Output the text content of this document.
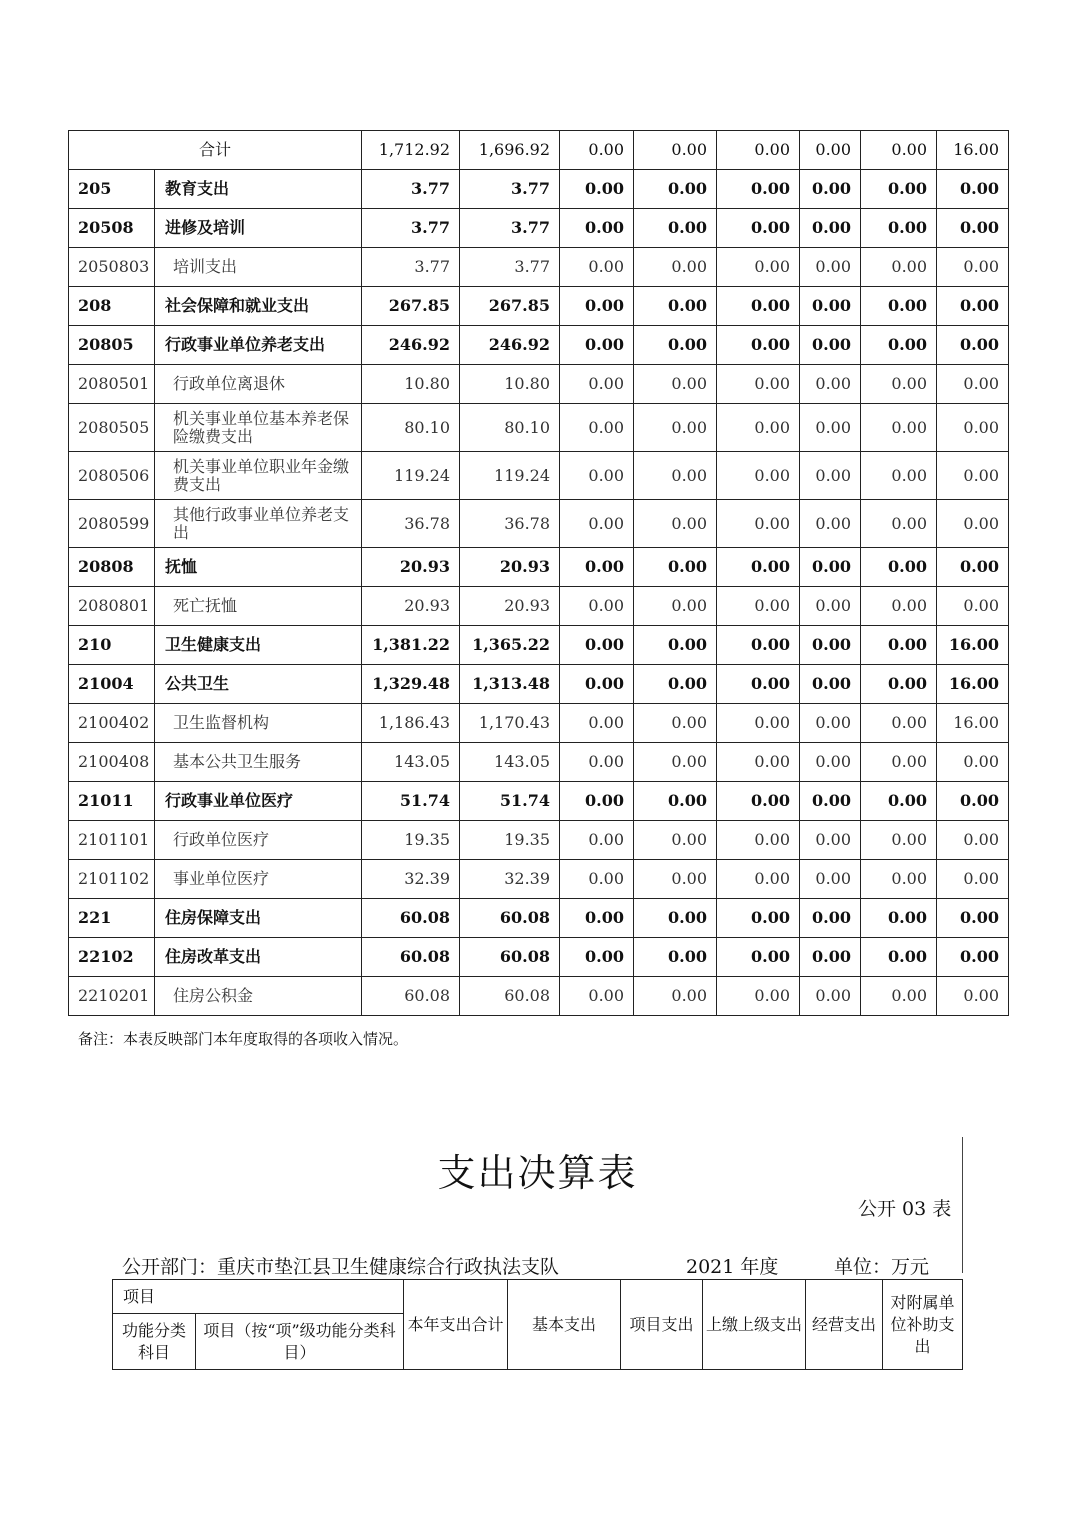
合计		1,712.92	1,696.92	0.00	0.00	0.00	0.00	0.00	16.00
205	教育支出	3.77	3.77	0.00	0.00	0.00	0.00	0.00	0.00
20508	进修及培训	3.77	3.77	0.00	0.00	0.00	0.00	0.00	0.00
2050803	培训支出	3.77	3.77	0.00	0.00	0.00	0.00	0.00	0.00
208	社会保障和就业支出	267.85	267.85	0.00	0.00	0.00	0.00	0.00	0.00
20805	行政事业单位养老支出	246.92	246.92	0.00	0.00	0.00	0.00	0.00	0.00
2080501	行政单位离退休	10.80	10.80	0.00	0.00	0.00	0.00	0.00	0.00
2080505	机关事业单位基本养老保险缴费支出	80.10	80.10	0.00	0.00	0.00	0.00	0.00	0.00
2080506	机关事业单位职业年金缴费支出	119.24	119.24	0.00	0.00	0.00	0.00	0.00	0.00
2080599	其他行政事业单位养老支出	36.78	36.78	0.00	0.00	0.00	0.00	0.00	0.00
20808	抚恤	20.93	20.93	0.00	0.00	0.00	0.00	0.00	0.00
2080801	死亡抚恤	20.93	20.93	0.00	0.00	0.00	0.00	0.00	0.00
210	卫生健康支出	1,381.22	1,365.22	0.00	0.00	0.00	0.00	0.00	16.00
21004	公共卫生	1,329.48	1,313.48	0.00	0.00	0.00	0.00	0.00	16.00
2100402	卫生监督机构	1,186.43	1,170.43	0.00	0.00	0.00	0.00	0.00	16.00
2100408	基本公共卫生服务	143.05	143.05	0.00	0.00	0.00	0.00	0.00	0.00
21011	行政事业单位医疗	51.74	51.74	0.00	0.00	0.00	0.00	0.00	0.00
2101101	行政单位医疗	19.35	19.35	0.00	0.00	0.00	0.00	0.00	0.00
2101102	事业单位医疗	32.39	32.39	0.00	0.00	0.00	0.00	0.00	0.00
221	住房保障支出	60.08	60.08	0.00	0.00	0.00	0.00	0.00	0.00
22102	住房改革支出	60.08	60.08	0.00	0.00	0.00	0.00	0.00	0.00
2210201	住房公积金	60.08	60.08	0.00	0.00	0.00	0.00	0.00	0.00
备注：本表反映部门本年度取得的各项收入情况。
支出决算表
公开 03 表
公开部门：重庆市垫江县卫生健康综合行政执法支队	2021 年度	单位：万元
项目		本年支出合计	基本支出	项目支出	上缴上级支出	经营支出	对附属单位补助支出
功能分类科目	项目（按“项”级功能分类科目）						
